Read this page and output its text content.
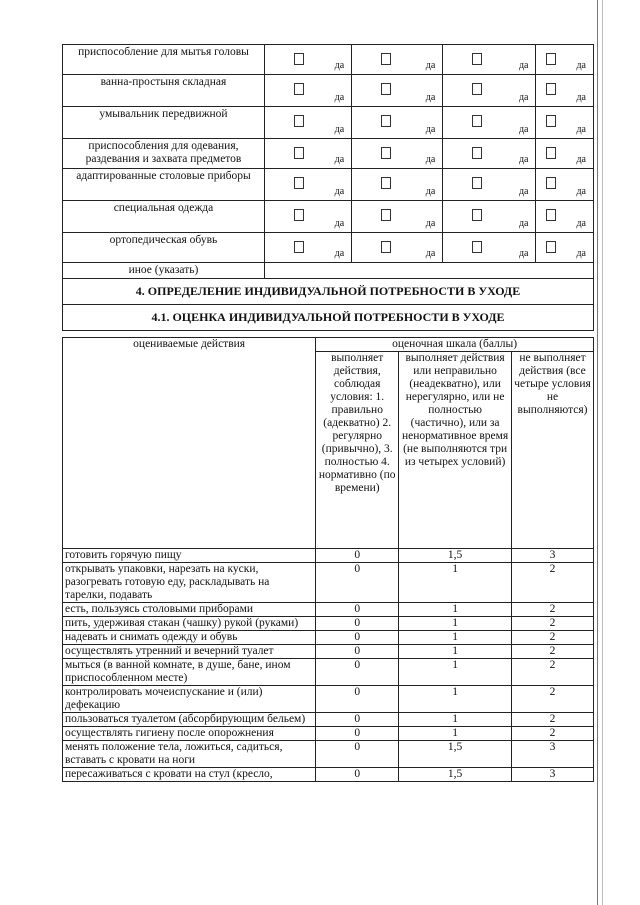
приспособление для мытья головы	да	да	да	да

ванна-простыня складная	да	да	да	да

умывальник передвижной	да	да	да	да

приспособления для одевания, раздевания и захвата предметов	да	да	да	да

адаптированные столовые приборы	да	да	да	да

специальная одежда	да	да	да	да

ортопедическая обувь	да	да	да	да

иное (указать)				
4. ОПРЕДЕЛЕНИЕ ИНДИВИДУАЛЬНОЙ ПОТРЕБНОСТИ В УХОДЕ				
4.1. ОЦЕНКА ИНДИВИДУАЛЬНОЙ ПОТРЕБНОСТИ В УХОДЕ				
оцениваемые действия	оценочная шкала (баллы)		
	выполняет действия, соблюдая условия: 1. правильно (адекватно) 2. регулярно (привычно), 3. полностью 4. нормативно (по времени)	выполняет действия или неправильно (неадекватно), или нерегулярно, или не полностью (частично), или за ненормативное время (не выполняются три из четырех условий)	не выполняет действия (все четыре условия не выполняются)
готовить горячую пищу	0	1,5	3
открывать упаковки, нарезать на куски, разогревать готовую еду, раскладывать на тарелки, подавать	0	1	2
есть, пользуясь столовыми приборами	0	1	2
пить, удерживая стакан (чашку) рукой (руками)	0	1	2
надевать и снимать одежду и обувь	0	1	2
осуществлять утренний и вечерний туалет	0	1	2
мыться (в ванной комнате, в душе, бане, ином приспособленном месте)	0	1	2
контролировать мочеиспускание и (или) дефекацию	0	1	2
пользоваться туалетом (абсорбирующим бельем)	0	1	2
осуществлять гигиену после опорожнения	0	1	2
менять положение тела, ложиться, садиться, вставать с кровати на ноги	0	1,5	3
пересаживаться с кровати на стул (кресло,	0	1,5	3
